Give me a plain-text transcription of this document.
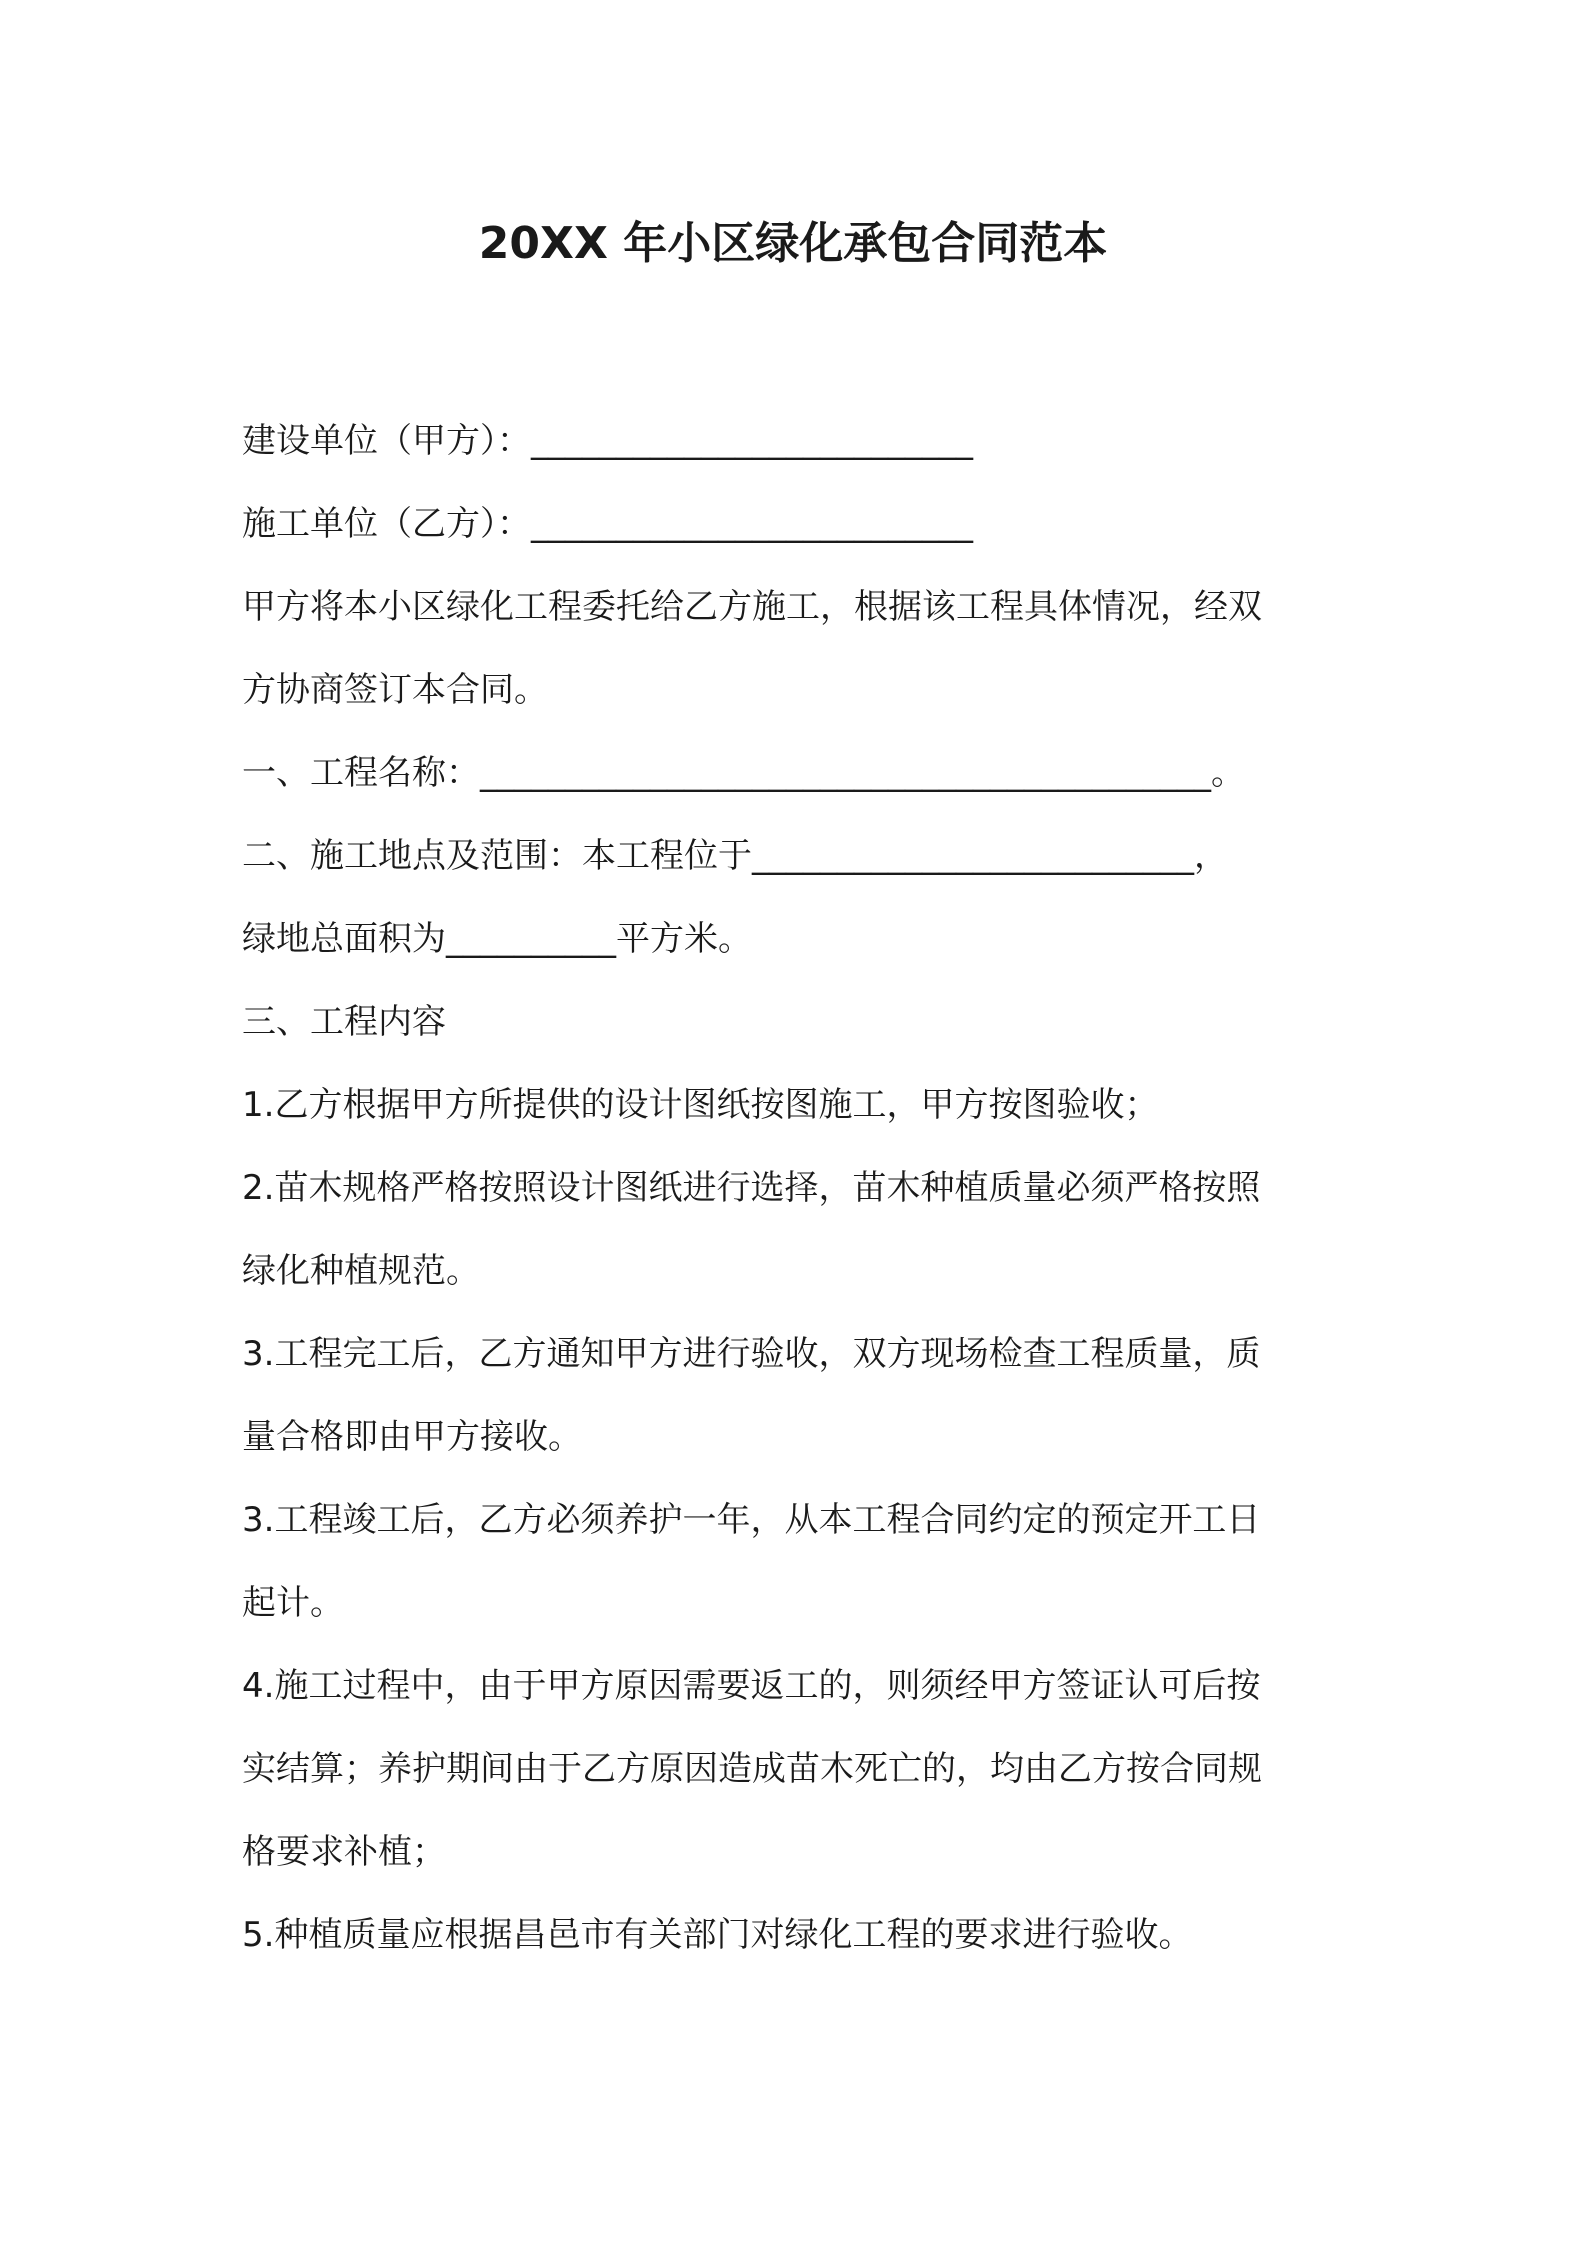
20XX 年小区绿化承包合同范本
建设单位（甲方）：__________________________
施工单位（乙方）：__________________________
甲方将本小区绿化工程委托给乙方施工，根据该工程具体情况，经双
方协商签订本合同。
一、工程名称：___________________________________________。
二、施工地点及范围：本工程位于__________________________，
绿地总面积为__________平方米。
三、工程内容
1.乙方根据甲方所提供的设计图纸按图施工，甲方按图验收；
2.苗木规格严格按照设计图纸进行选择，苗木种植质量必须严格按照
绿化种植规范。
3.工程完工后，乙方通知甲方进行验收，双方现场检查工程质量，质
量合格即由甲方接收。
3.工程竣工后，乙方必须养护一年，从本工程合同约定的预定开工日
起计。
4.施工过程中，由于甲方原因需要返工的，则须经甲方签证认可后按
实结算；养护期间由于乙方原因造成苗木死亡的，均由乙方按合同规
格要求补植；
5.种植质量应根据昌邑市有关部门对绿化工程的要求进行验收。
